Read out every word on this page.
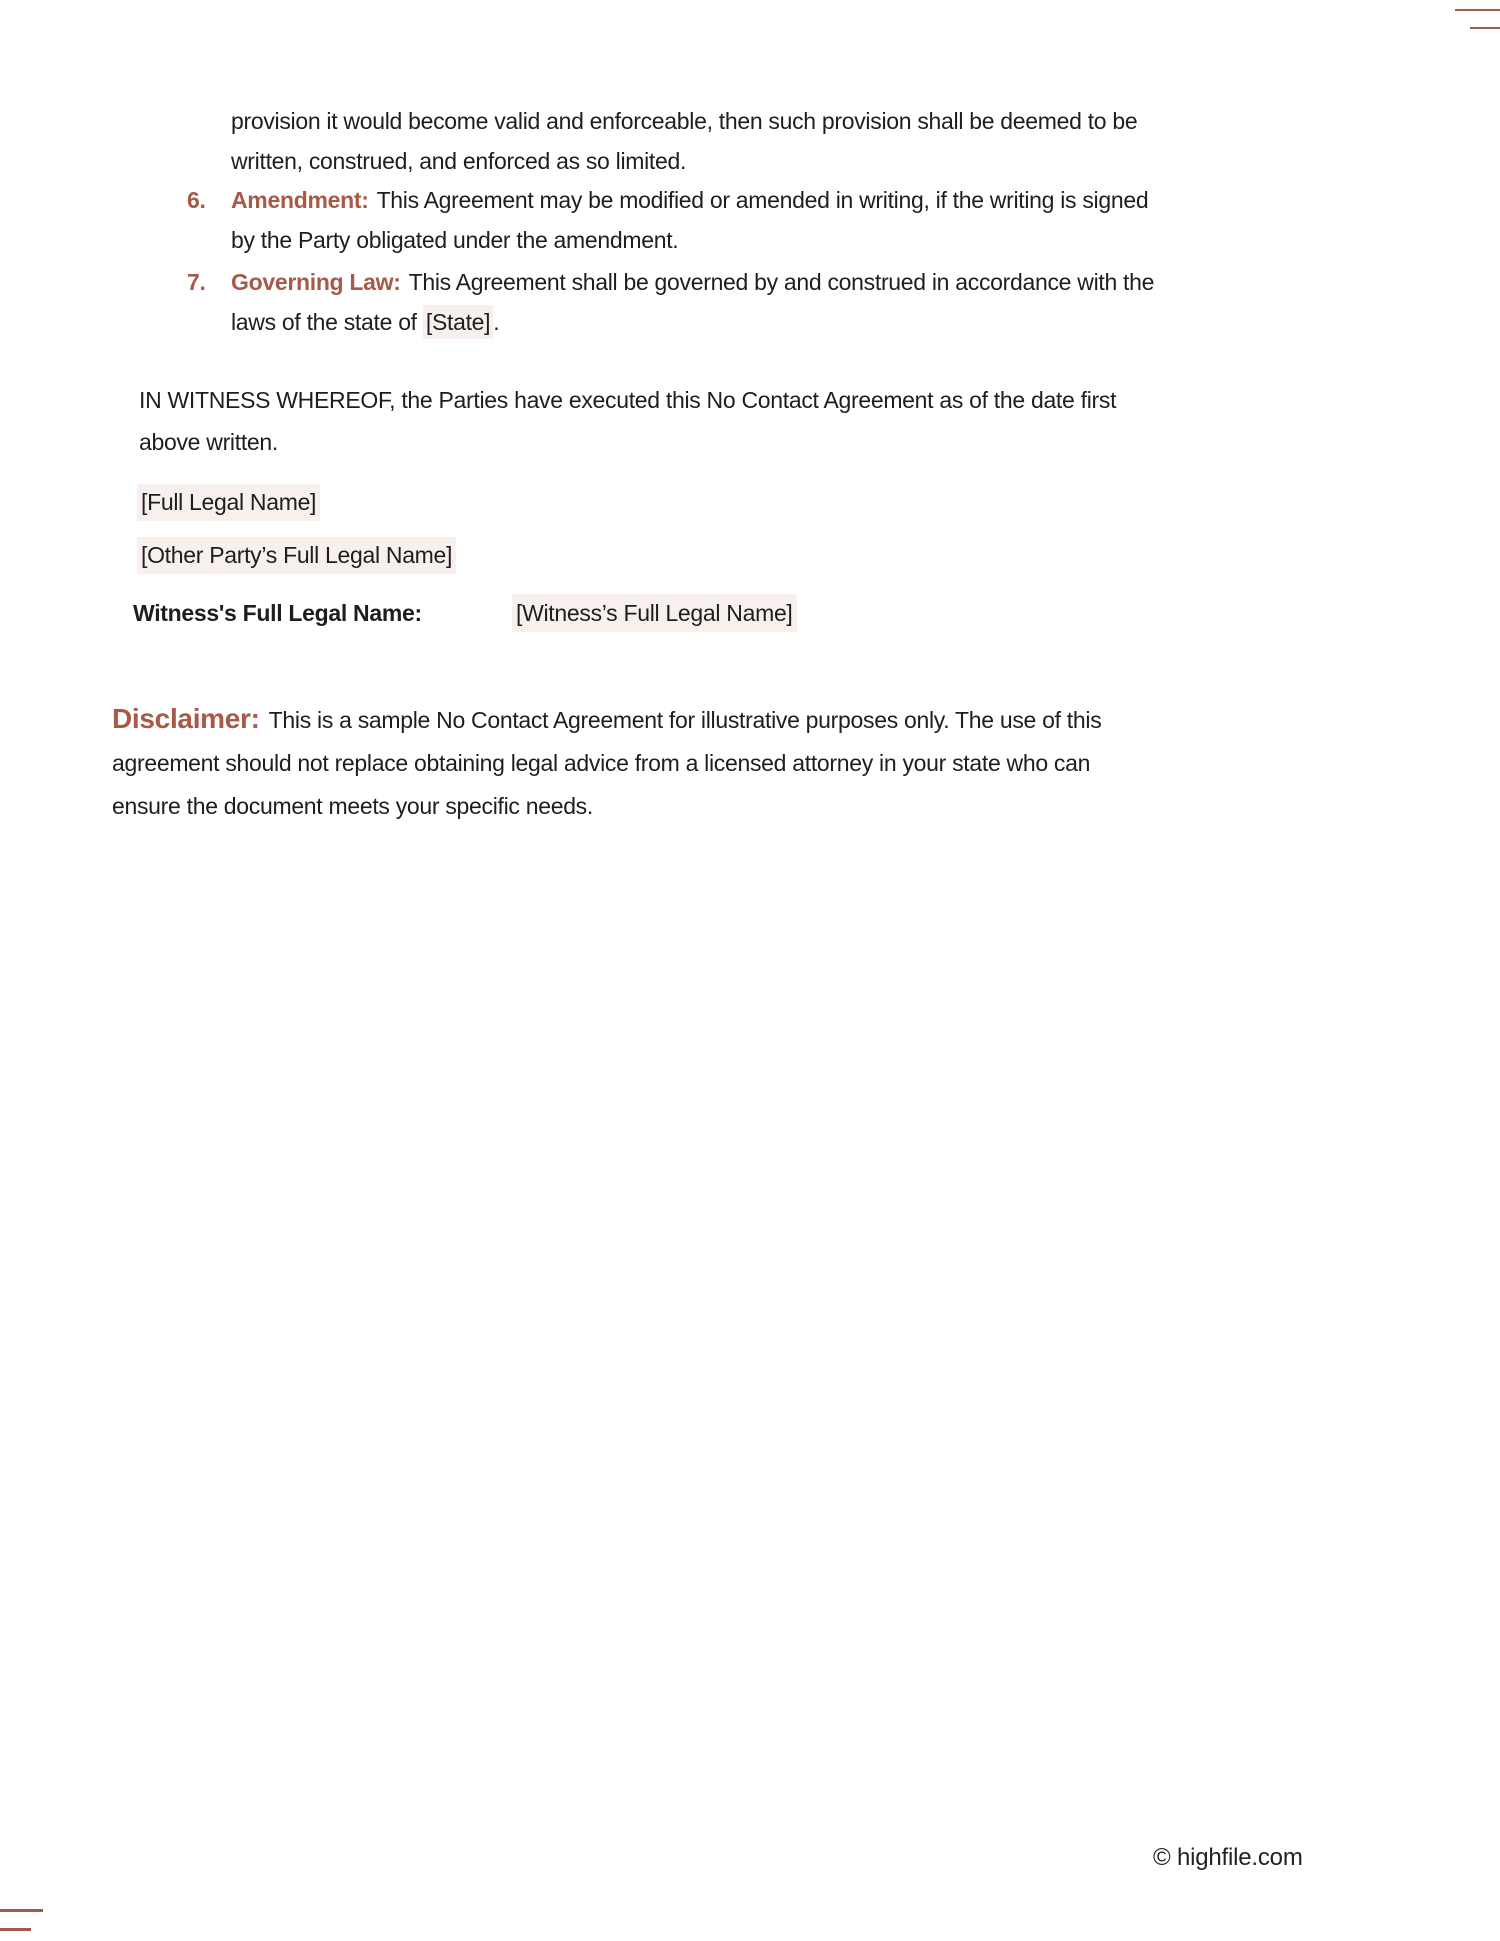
provision it would become valid and enforceable, then such provision shall be deemed to be
written, construed, and enforced as so limited.
6. Amendment: This Agreement may be modified or amended in writing, if the writing is signed
by the Party obligated under the amendment.
7. Governing Law: This Agreement shall be governed by and construed in accordance with the
laws of the state of [State] .
IN WITNESS WHEREOF, the Parties have executed this No Contact Agreement as of the date first
above written.
[Full Legal Name]
[Other Party’s Full Legal Name]
Witness's Full Legal Name:	[Witness’s Full Legal Name]
Disclaimer: This is a sample No Contact Agreement for illustrative purposes only. The use of this
agreement should not replace obtaining legal advice from a licensed attorney in your state who can
ensure the document meets your specific needs.
© highfile.com
